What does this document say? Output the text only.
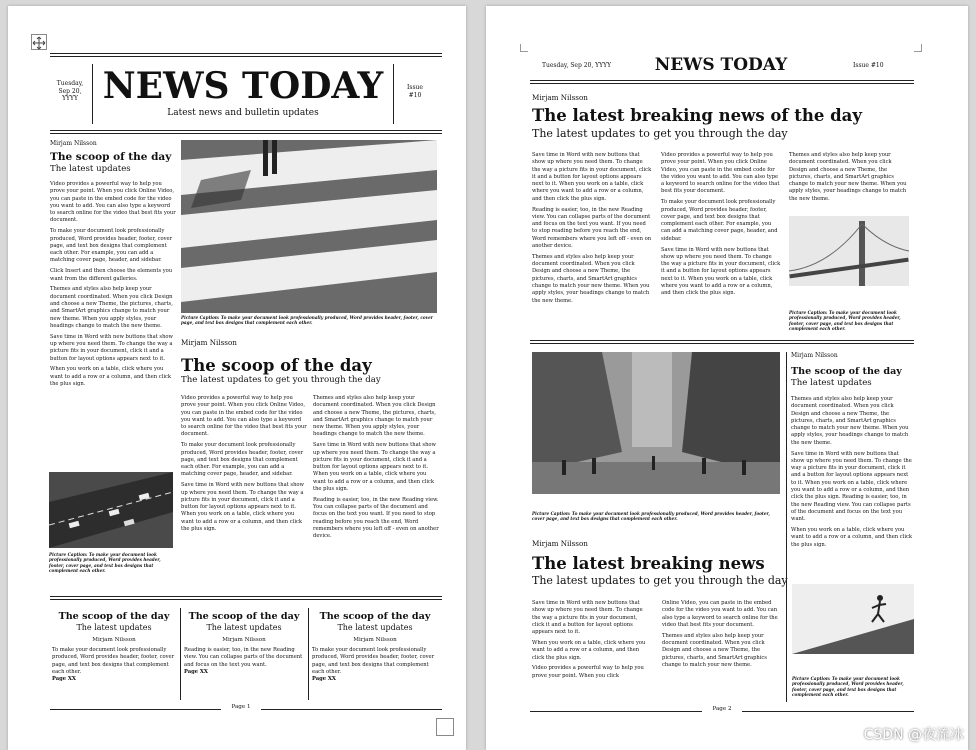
Tuesday, Sep 20, YYYY NEWS TODAY
Latest news and bulletin updates
Issue #10
Mirjam Nilsson
The scoop of the day
The latest updates

Video provides a powerful way to help you prove your point. When you click Online Video, you can paste in the embed code for the video you want to add. You can also type a keyword to search online for the video that best fits your document.

To make your document look professionally produced, Word provides header, footer, cover page, and text box designs that complement each other. For example, you can add a matching cover page, header, and sidebar.

Click Insert and then choose the elements you want from the different galleries.

Themes and styles also help keep your document coordinated. When you click Design and choose a new Theme, the pictures, charts, and SmartArt graphics change to match your new theme. When you apply styles, your headings change to match the new theme.

Save time in Word with new buttons that show up where you need them. To change the way a picture fits in your document, click it and a button for layout options appears next to it.

When you work on a table, click where you want to add a row or a column, and then click the plus sign.

Picture Caption: To make your document look professionally produced, Word provides header, footer, cover page, and text box designs that complement each other.
Picture Caption: To make your document look professionally produced, Word provides header, footer, cover page, and text box designs that complement each other.
Mirjam Nilsson
The scoop of the day
The latest updates to get you through the day

Video provides a powerful way to help you prove your point. When you click Online Video, you can paste in the embed code for the video you want to add. You can also type a keyword to search online for the video that best fits your document.

To make your document look professionally produced, Word provides header, footer, cover page, and text box designs that complement each other. For example, you can add a matching cover page, header, and sidebar.

Save time in Word with new buttons that show up where you need them. To change the way a picture fits in your document, click it and a button for layout options appears next to it. When you work on a table, click where you want to add a row or a column, and then click the plus sign.

Themes and styles also help keep your document coordinated. When you click Design and choose a new Theme, the pictures, charts, and SmartArt graphics change to match your new theme. When you apply styles, your headings change to match the new theme.

Save time in Word with new buttons that show up where you need them. To change the way a picture fits in your document, click it and a button for layout options appears next to it. When you work on a table, click where you want to add a row or a column, and then click the plus sign.

Reading is easier, too, in the new Reading view. You can collapse parts of the document and focus on the text you want. If you need to stop reading before you reach the end, Word remembers where you left off - even on another device.

The scoop of the day
The latest updates
Mirjam Nilsson
To make your document look professionally produced, Word provides header, footer, cover page, and text box designs that complement each other.
Page XX
The scoop of the day
The latest updates
Mirjam Nilsson
Reading is easier, too, in the new Reading view. You can collapse parts of the document and focus on the text you want.
Page XX
The scoop of the day
The latest updates
Mirjam Nilsson
To make your document look professionally produced, Word provides header, footer, cover page, and text box designs that complement each other.
Page XX
Page 1
Tuesday, Sep 20, YYYY	NEWS TODAY	Issue #10
Mirjam Nilsson
The latest breaking news of the day
The latest updates to get you through the day

Save time in Word with new buttons that show up where you need them. To change the way a picture fits in your document, click it and a button for layout options appears next to it. When you work on a table, click where you want to add a row or a column, and then click the plus sign.

Reading is easier, too, in the new Reading view. You can collapse parts of the document and focus on the text you want. If you need to stop reading before you reach the end, Word remembers where you left off - even on another device.

Themes and styles also help keep your document coordinated. When you click Design and choose a new Theme, the pictures, charts, and SmartArt graphics change to match your new theme. When you apply styles, your headings change to match the new theme.

Video provides a powerful way to help you prove your point. When you click Online Video, you can paste in the embed code for the video you want to add. You can also type a keyword to search online for the video that best fits your document.

To make your document look professionally produced, Word provides header, footer, cover page, and text box designs that complement each other. For example, you can add a matching cover page, header, and sidebar.

Save time in Word with new buttons that show up where you need them. To change the way a picture fits in your document, click it and a button for layout options appears next to it. When you work on a table, click where you want to add a row or a column, and then click the plus sign.

Themes and styles also help keep your document coordinated. When you click Design and choose a new Theme, the pictures, charts, and SmartArt graphics change to match your new theme. When you apply styles, your headings change to match the new theme.

Picture Caption: To make your document look professionally produced, Word provides header, footer, cover page, and text box designs that complement each other.
Picture Caption: To make your document look professionally produced, Word provides header, footer, cover page, and text box designs that complement each other.
Mirjam Nilsson
The latest breaking news
The latest updates to get you through the day

Save time in Word with new buttons that show up where you need them. To change the way a picture fits in your document, click it and a button for layout options appears next to it.

When you work on a table, click where you want to add a row or a column, and then click the plus sign.

Video provides a powerful way to help you prove your point. When you click

Online Video, you can paste in the embed code for the video you want to add. You can also type a keyword to search online for the video that best fits your document.

Themes and styles also help keep your document coordinated. When you click Design and choose a new Theme, the pictures, charts, and SmartArt graphics change to match your new theme.

Mirjam Nilsson
The scoop of the day
The latest updates

Themes and styles also help keep your document coordinated. When you click Design and choose a new Theme, the pictures, charts, and SmartArt graphics change to match your new theme. When you apply styles, your headings change to match the new theme.

Save time in Word with new buttons that show up where you need them. To change the way a picture fits in your document, click it and a button for layout options appears next to it. When you work on a table, click where you want to add a row or a column, and then click the plus sign. Reading is easier, too, in the new Reading view. You can collapse parts of the document and focus on the text you want.

When you work on a table, click where you want to add a row or a column, and then click the plus sign.

Picture Caption: To make your document look professionally produced, Word provides header, footer, cover page, and text box designs that complement each other.
Page 2
CSDN @夜流冰
